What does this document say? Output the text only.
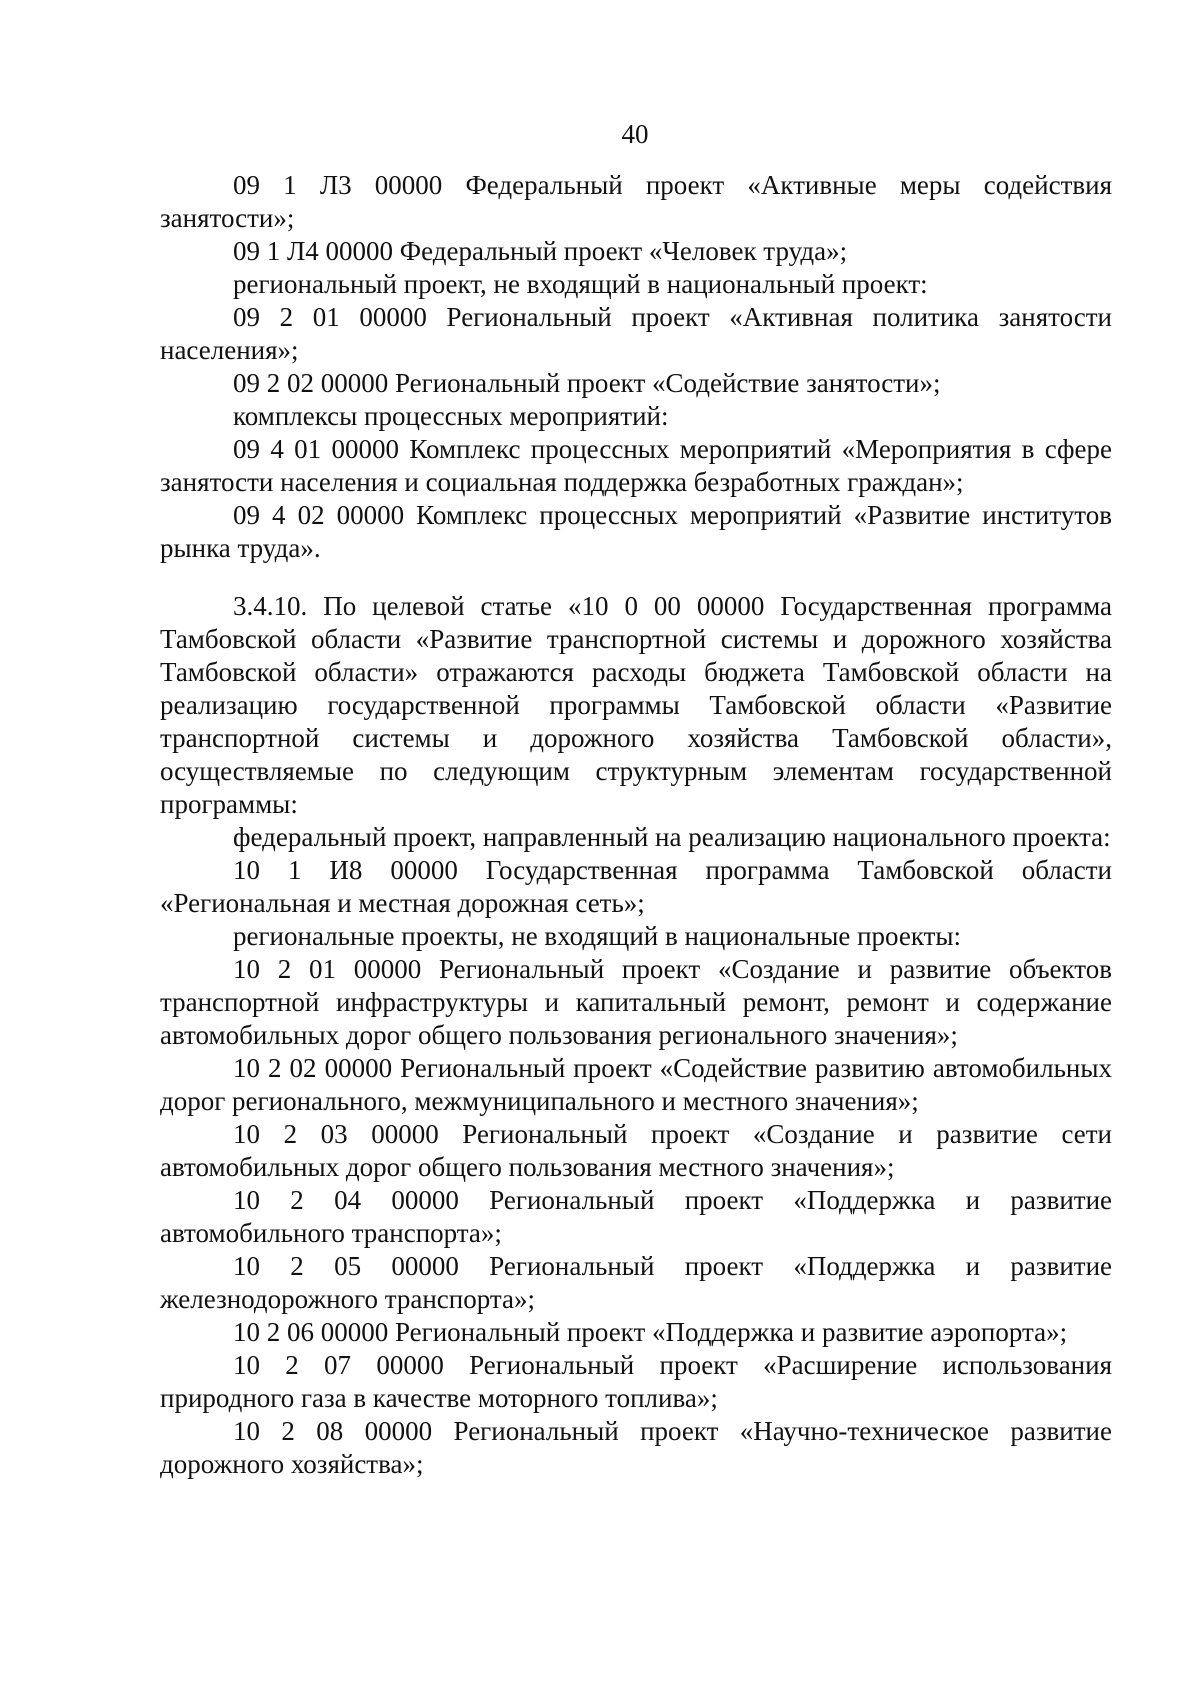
40

09 1 Л3 00000 Федеральный проект «Активные меры содействия занятости»;

09 1 Л4 00000 Федеральный проект «Человек труда»;

региональный проект, не входящий в национальный проект:

09 2 01 00000 Региональный проект «Активная политика занятости населения»;

09 2 02 00000 Региональный проект «Содействие занятости»;

комплексы процессных мероприятий:

09 4 01 00000 Комплекс процессных мероприятий «Мероприятия в сфере занятости населения и социальная поддержка безработных граждан»;

09 4 02 00000 Комплекс процессных мероприятий «Развитие институтов рынка труда».

3.4.10. По целевой статье «10 0 00 00000 Государственная программа Тамбовской области «Развитие транспортной системы и дорожного хозяйства Тамбовской области» отражаются расходы бюджета Тамбовской области на реализацию государственной программы Тамбовской области «Развитие транспортной системы и дорожного хозяйства Тамбовской области», осуществляемые по следующим структурным элементам государственной программы:

федеральный проект, направленный на реализацию национального проекта:

10 1 И8 00000 Государственная программа Тамбовской области «Региональная и местная дорожная сеть»;

региональные проекты, не входящий в национальные проекты:

10 2 01 00000 Региональный проект «Создание и развитие объектов транспортной инфраструктуры и капитальный ремонт, ремонт и содержание автомобильных дорог общего пользования регионального значения»;

10 2 02 00000 Региональный проект «Содействие развитию автомобильных дорог регионального, межмуниципального и местного значения»;

10 2 03 00000 Региональный проект «Создание и развитие сети автомобильных дорог общего пользования местного значения»;

10 2 04 00000 Региональный проект «Поддержка и развитие автомобильного транспорта»;

10 2 05 00000 Региональный проект «Поддержка и развитие железнодорожного транспорта»;

10 2 06 00000 Региональный проект «Поддержка и развитие аэропорта»;

10 2 07 00000 Региональный проект «Расширение использования природного газа в качестве моторного топлива»;

10 2 08 00000 Региональный проект «Научно-техническое развитие дорожного хозяйства»;
